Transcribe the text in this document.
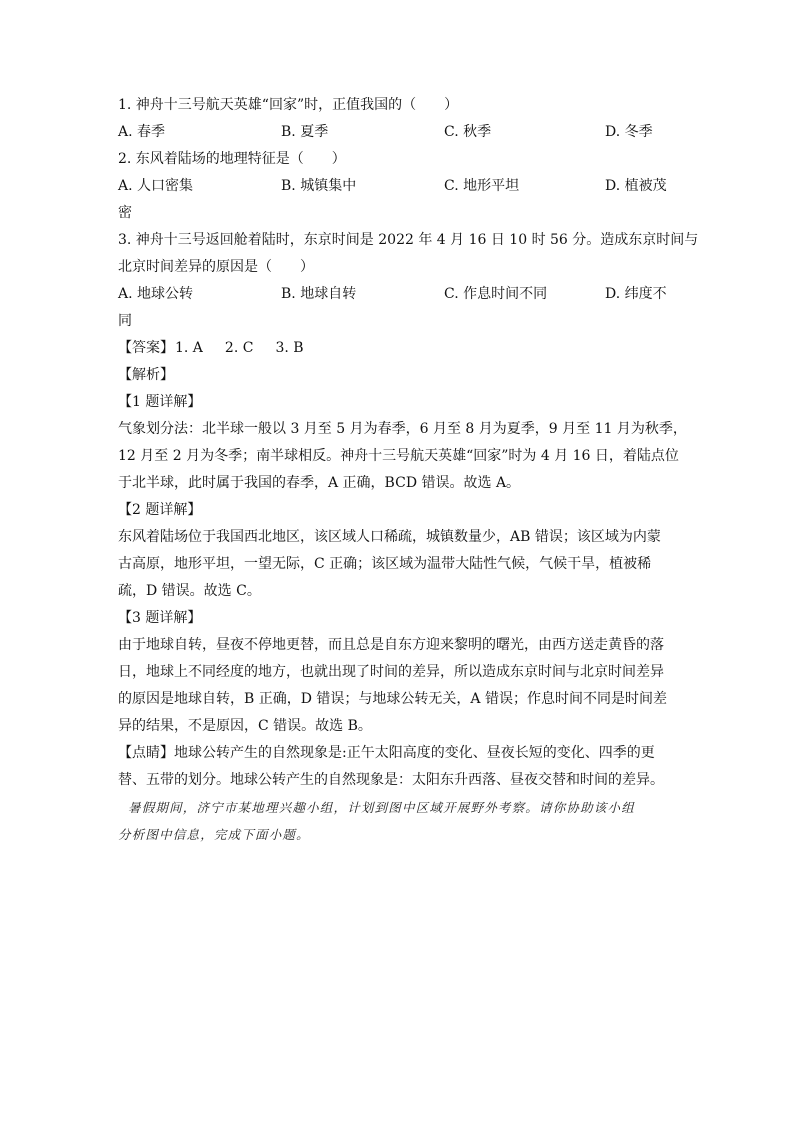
1. 神舟十三号航天英雄“回家”时，正值我国的（　　）
A. 春季	B. 夏季	C. 秋季	D. 冬季
2. 东风着陆场的地理特征是（　　）
A. 人口密集	B. 城镇集中	C. 地形平坦	D. 植被茂
密
3. 神舟十三号返回舱着陆时，东京时间是 2022 年 4 月 16 日 10 时 56 分。造成东京时间与
北京时间差异的原因是（　　）
A. 地球公转	B. 地球自转	C. 作息时间不同	D. 纬度不
同
【答案】 1. A 2. C 3. B
【解析】
【1 题详解】
气象划分法：北半球一般以 3 月至 5 月为春季，6 月至 8 月为夏季，9 月至 11 月为秋季，
12 月至 2 月为冬季；南半球相反。神舟十三号航天英雄“回家”时为 4 月 16 日，着陆点位
于北半球，此时属于我国的春季，A 正确，BCD 错误。故选 A。
【2 题详解】
东风着陆场位于我国西北地区，该区域人口稀疏，城镇数量少，AB 错误；该区域为内蒙
古高原，地形平坦，一望无际，C 正确；该区域为温带大陆性气候，气候干旱，植被稀
疏，D 错误。故选 C。
【3 题详解】
由于地球自转，昼夜不停地更替，而且总是自东方迎来黎明的曙光，由西方送走黄昏的落
日，地球上不同经度的地方，也就出现了时间的差异，所以造成东京时间与北京时间差异
的原因是地球自转，B 正确，D 错误；与地球公转无关，A 错误；作息时间不同是时间差
异的结果，不是原因，C 错误。故选 B。
【点睛】地球公转产生的自然现象是:正午太阳高度的变化、昼夜长短的变化、四季的更
替、五带的划分。地球公转产生的自然现象是：太阳东升西落、昼夜交替和时间的差异。
暑假期间，济宁市某地理兴趣小组，计划到图中区域开展野外考察。请你协助该小组
分析图中信息，完成下面小题。
